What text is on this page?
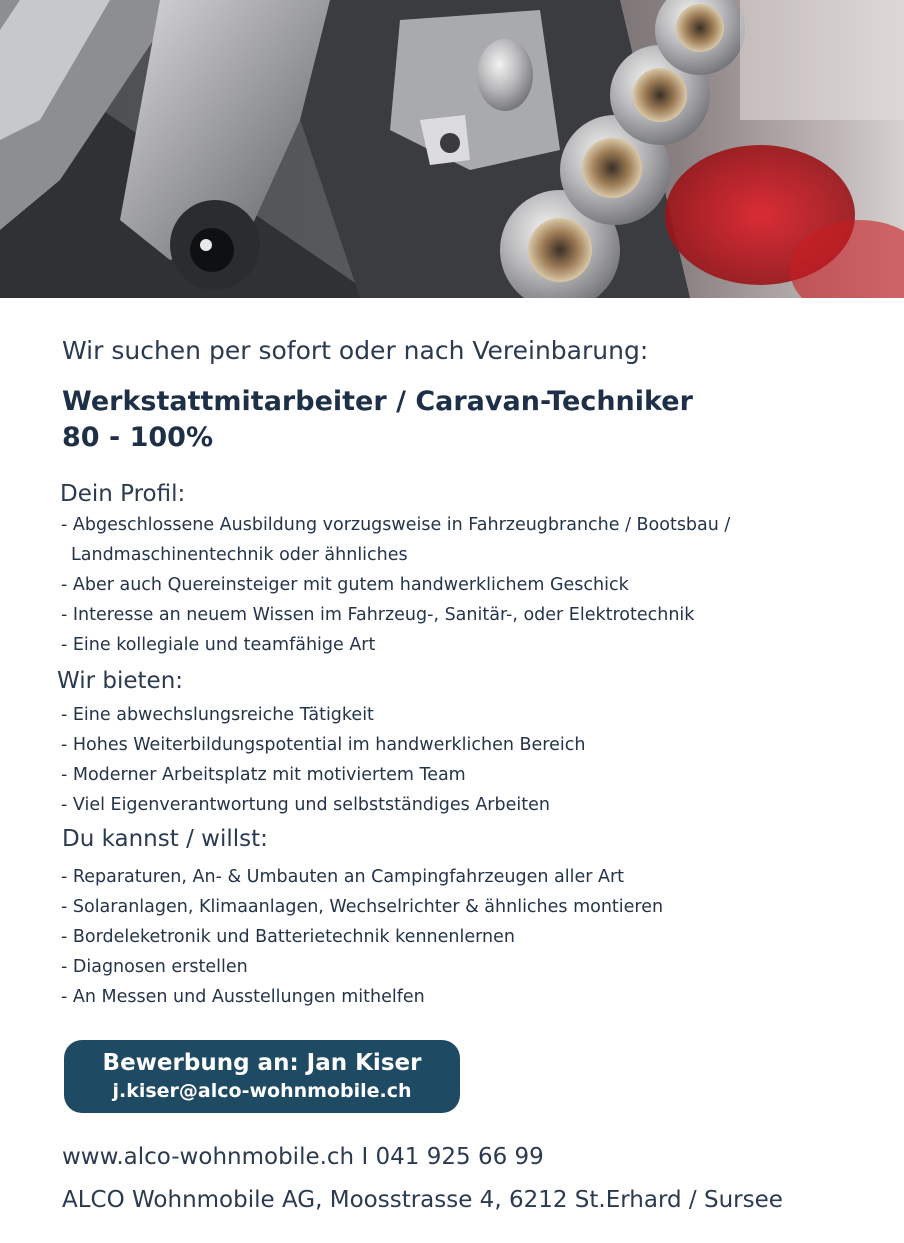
Wir suchen per sofort oder nach Vereinbarung:
Werkstattmitarbeiter / Caravan-Techniker
80 - 100%
Dein Profil:
- Abgeschlossene Ausbildung vorzugsweise in Fahrzeugbranche / Bootsbau /
Landmaschinentechnik oder ähnliches
- Aber auch Quereinsteiger mit gutem handwerklichem Geschick
- Interesse an neuem Wissen im Fahrzeug-, Sanitär-, oder Elektrotechnik
- Eine kollegiale und teamfähige Art
Wir bieten:
- Eine abwechslungsreiche Tätigkeit
- Hohes Weiterbildungspotential im handwerklichen Bereich
- Moderner Arbeitsplatz mit motiviertem Team
- Viel Eigenverantwortung und selbstständiges Arbeiten
Du kannst / willst:
- Reparaturen, An- & Umbauten an Campingfahrzeugen aller Art
- Solaranlagen, Klimaanlagen, Wechselrichter & ähnliches montieren
- Bordeleketronik und Batterietechnik kennenlernen
- Diagnosen erstellen
- An Messen und Ausstellungen mithelfen
Bewerbung an: Jan Kiser
j.kiser@alco-wohnmobile.ch
www.alco-wohnmobile.ch I 041 925 66 99
ALCO Wohnmobile AG, Moosstrasse 4, 6212 St.Erhard / Sursee
